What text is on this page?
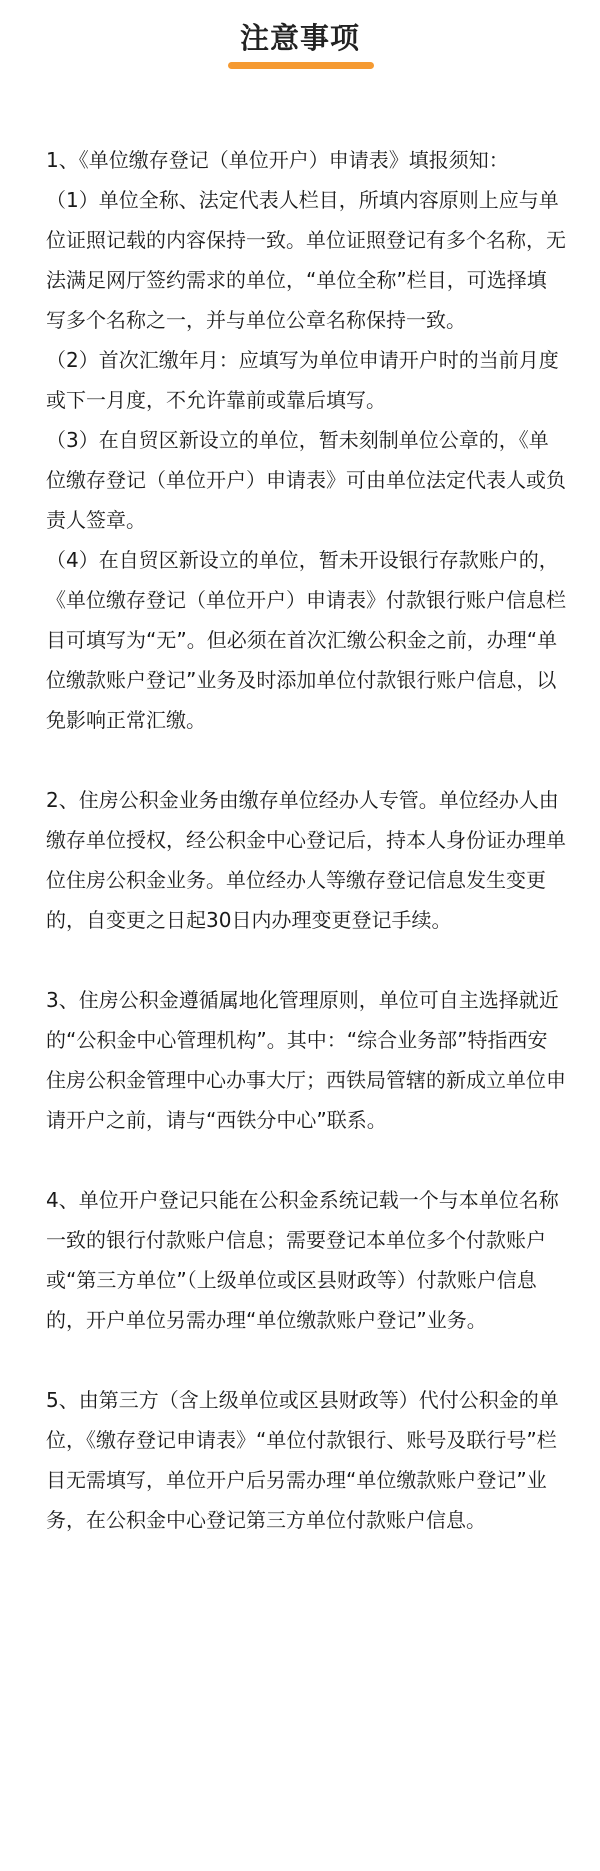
注意事项

1、《单位缴存登记（单位开户）申请表》填报须知：

（1）单位全称、法定代表人栏目，所填内容原则上应与单位证照记载的内容保持一致。单位证照登记有多个名称，无法满足网厅签约需求的单位，“单位全称”栏目，可选择填写多个名称之一，并与单位公章名称保持一致。

（2）首次汇缴年月：应填写为单位申请开户时的当前月度或下一月度，不允许靠前或靠后填写。

（3）在自贸区新设立的单位，暂未刻制单位公章的，《单位缴存登记（单位开户）申请表》可由单位法定代表人或负责人签章。

（4）在自贸区新设立的单位，暂未开设银行存款账户的，《单位缴存登记（单位开户）申请表》付款银行账户信息栏目可填写为“无”。但必须在首次汇缴公积金之前，办理“单位缴款账户登记”业务及时添加单位付款银行账户信息，以免影响正常汇缴。

2、住房公积金业务由缴存单位经办人专管。单位经办人由缴存单位授权，经公积金中心登记后，持本人身份证办理单位住房公积金业务。单位经办人等缴存登记信息发生变更的，自变更之日起30日内办理变更登记手续。

3、住房公积金遵循属地化管理原则，单位可自主选择就近的“公积金中心管理机构”。其中：“综合业务部”特指西安住房公积金管理中心办事大厅；西铁局管辖的新成立单位申请开户之前，请与“西铁分中心”联系。

4、单位开户登记只能在公积金系统记载一个与本单位名称一致的银行付款账户信息；需要登记本单位多个付款账户或“第三方单位”（上级单位或区县财政等）付款账户信息的，开户单位另需办理“单位缴款账户登记”业务。

5、由第三方（含上级单位或区县财政等）代付公积金的单位，《缴存登记申请表》“单位付款银行、账号及联行号”栏目无需填写，单位开户后另需办理“单位缴款账户登记”业务，在公积金中心登记第三方单位付款账户信息。
